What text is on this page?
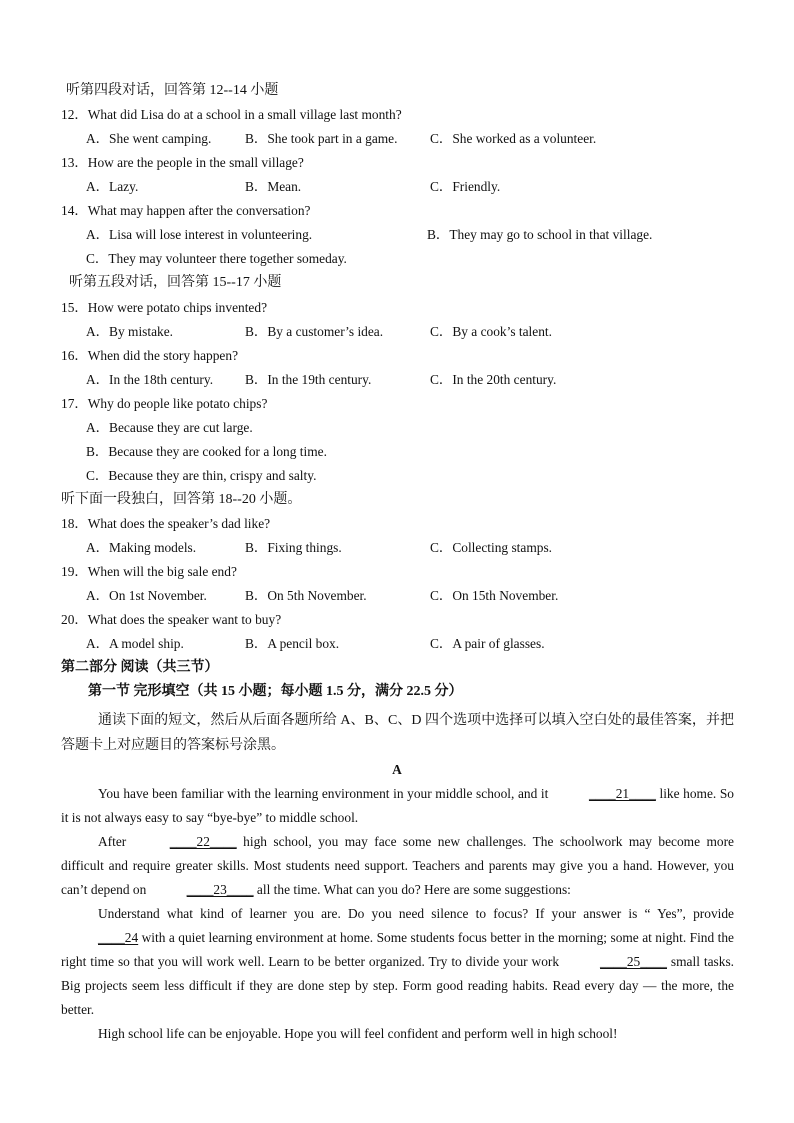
听第四段对话，回答第 12--14 小题
12．What did Lisa do at a school in a small village last month?
A．She went camping.	B．She took part in a game. C．She worked as a volunteer.
13．How are the people in the small village?
A．Lazy.	B．Mean.	C．Friendly.
14．What may happen after the conversation?
A．Lisa will lose interest in volunteering.	B．They may go to school in that village.
C．They may volunteer there together someday.
听第五段对话，回答第 15--17 小题
15．How were potato chips invented?
A．By mistake.	B．By a customer’s idea.	C．By a cook’s talent.
16．When did the story happen?
A．In the 18th century. B．In the 19th century.	C．In the 20th century.
17．Why do people like potato chips?
A．Because they are cut large.
B．Because they are cooked for a long time.
C．Because they are thin, crispy and salty.
听下面一段独白，回答第 18--20 小题。
18．What does the speaker’s dad like?
A．Making models.	B．Fixing things.	C．Collecting stamps.
19．When will the big sale end?
A．On 1st November.	B．On 5th November.	C．On 15th November.
20．What does the speaker want to buy?
A．A model ship.	B．A pencil box.	C．A pair of glasses.
第二部分 阅读（共三节）
第一节 完形填空（共 15 小题；每小题 1.5 分，满分 22.5 分）

通读下面的短文，然后从后面各题所给 A、B、C、D 四个选项中选择可以填入空白处的最佳答案，并把答题卡上对应题目的答案标号涂黑。

A

You have been familiar with the learning environment in your middle school, and it	____21____ like home. So it is not always easy to say “bye-bye” to middle school.

After	____22____ high school, you may face some new challenges. The schoolwork may become more difficult and require greater skills. Most students need support. Teachers and parents may give you a hand. However, you can’t depend on	____23____ all the time. What can you do? Here are some suggestions:

Understand what kind of learner you are. Do you need silence to focus? If your answer is “ Yes”, provide ____24 with a quiet learning environment at home. Some students focus better in the morning; some at night. Find the right time so that you will work well. Learn to be better organized. Try to divide your work	____25____ small tasks. Big projects seem less difficult if they are done step by step. Form good reading habits. Read every day — the more, the better.

High school life can be enjoyable. Hope you will feel confident and perform well in high school!
